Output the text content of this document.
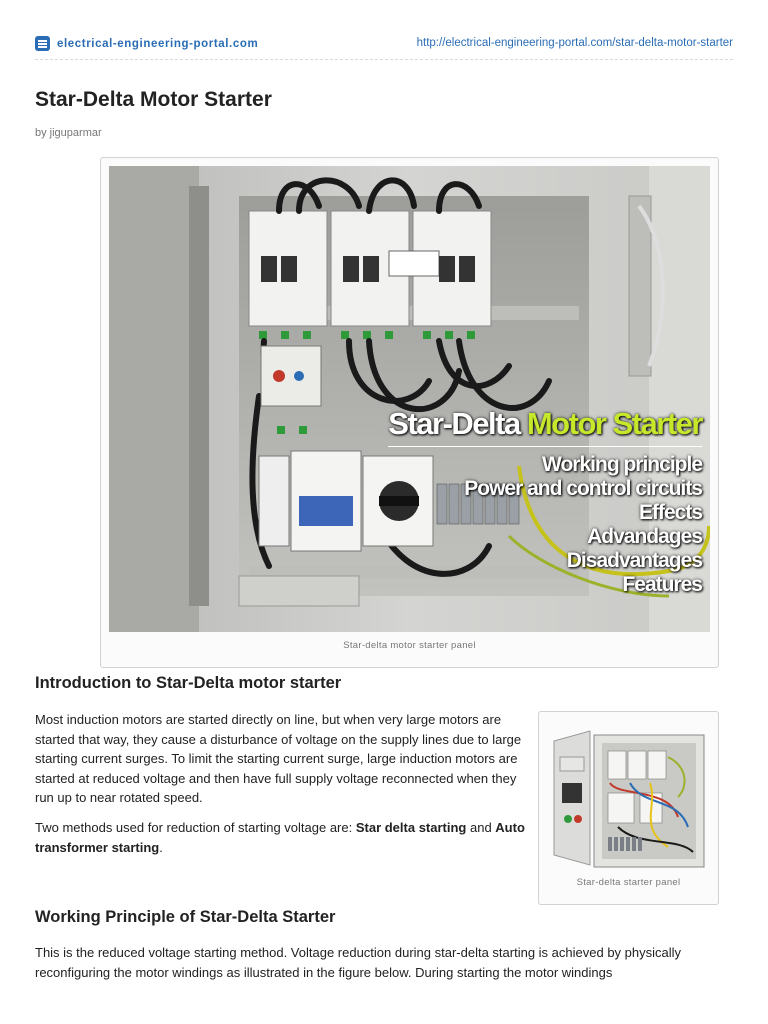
electrical-engineering-portal.com	http://electrical-engineering-portal.com/star-delta-motor-starter
Star-Delta Motor Starter
by jiguparmar
Star-Delta Motor Starter
Working principle
Power and control circuits
Effects
Advandages
Disadvantages
Features
Star-delta motor starter panel
Introduction to Star-Delta motor starter

Most induction motors are started directly on line, but when very large motors are started that way, they cause a disturbance of voltage on the supply lines due to large starting current surges. To limit the starting current surge, large induction motors are started at reduced voltage and then have full supply voltage reconnected when they run up to near rotated speed.

Two methods used for reduction of starting voltage are: Star delta starting and Auto transformer starting.

Star-delta starter panel
Working Principle of Star-Delta Starter

This is the reduced voltage starting method. Voltage reduction during star-delta starting is achieved by physically reconfiguring the motor windings as illustrated in the figure below. During starting the motor windings
